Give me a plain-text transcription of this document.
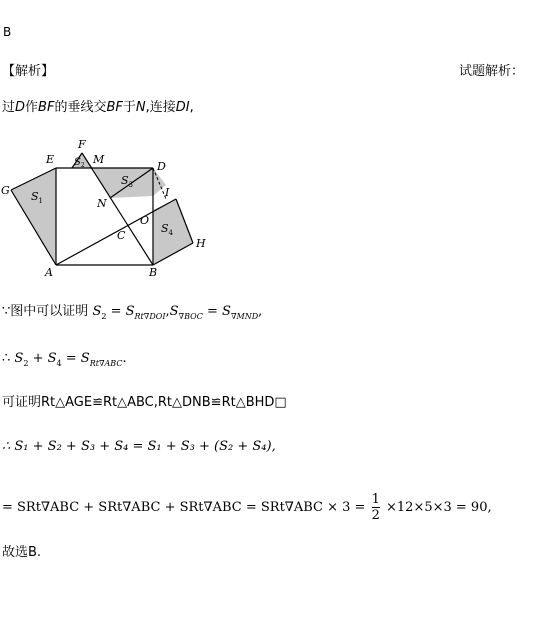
B
【解析】	试题解析：
过D作BF的垂线交BF于N,连接DI,
F
E	M
D
G $S_1$
$S_2$
$S_3$
$S_4$
I
N
O
C
H
A	B
∵图中可以证明 $S_2 = S_{Rt\nabla DOI},S_{\nabla BOC} = S_{\nabla MND}$,
∴ $S_2 + S_4 = S_{Rt\nabla ABC}$.
可证明Rt△AGE≌Rt△ABC,Rt△DNB≌Rt△BHD□
∴ S₁ + S₂ + S₃ + S₄ = S₁ + S₃ + (S₂ + S₄),
= $SRt\nabla ABC + SRt\nabla ABC + SRt\nabla ABC = SRt\nabla ABC \times 3 = \frac{1}{2} \times 12\times 5\times 3 = 90$,
故选B.
